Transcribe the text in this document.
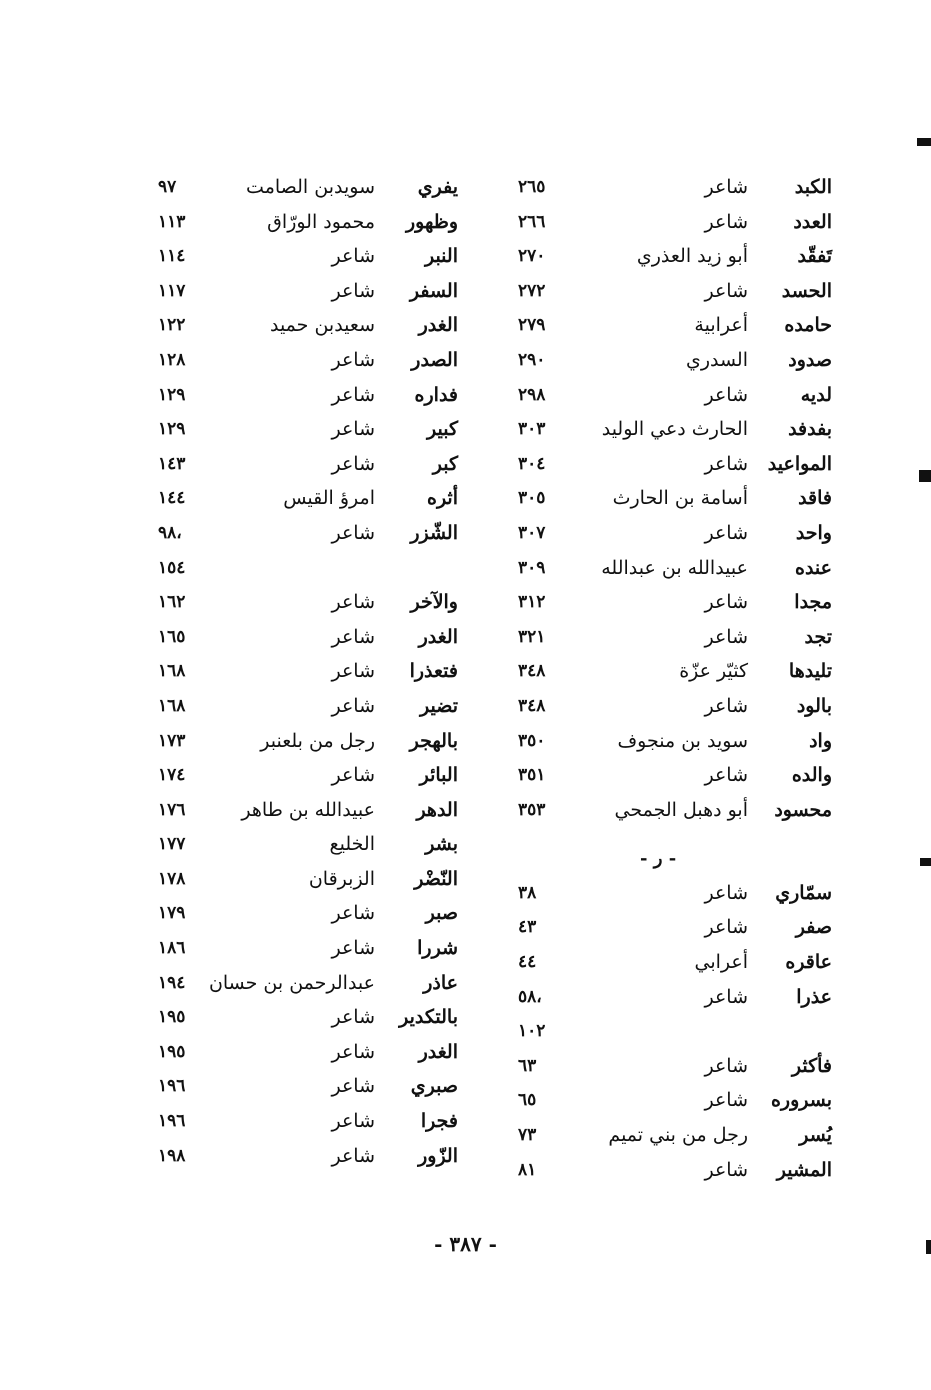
الكبد
شاعر
٢٦٥
العدد
شاعر
٢٦٦
تَفقّد
أبو زيد العذري
٢٧٠
الحسد
شاعر
٢٧٢
حامده
أعرابية
٢٧٩
صدود
السدري
٢٩٠
لديه
شاعر
٢٩٨
بفدفد
الحارث دعي الوليد
٣٠٣
المواعيد
شاعر
٣٠٤
فاقد
أسامة بن الحارث
٣٠٥
واحد
شاعر
٣٠٧
عنده
عبيدالله بن عبدالله
٣٠٩
مجدا
شاعر
٣١٢
تجد
شاعر
٣٢١
تليدها
كثيّر عزّة
٣٤٨
بالود
شاعر
٣٤٨
واد
سويد بن منجوف
٣٥٠
والده
شاعر
٣٥١
محسود
أبو دهبل الجمحي
٣٥٣
سمّاري
شاعر
٣٨
صفر
شاعر
٤٣
عاقره
أعرابي
٤٤
عذرا
شاعر
٥٨،
١٠٢
فأكثر
شاعر
٦٣
بسروره
شاعر
٦٥
يُسر
رجل من بني تميم
٧٣
المشير
شاعر
٨١
يفري
سويدبن الصامت
٩٧
وظهور
محمود الورّاق
١١٣
النبر
شاعر
١١٤
السفر
شاعر
١١٧
الغدر
سعيدبن حميد
١٢٢
الصدر
شاعر
١٢٨
فداره
شاعر
١٢٩
كبير
شاعر
١٢٩
كبر
شاعر
١٤٣
أثره
امرؤ القيس
١٤٤
الشّزر
شاعر
٩٨،
١٥٤
والآخر
شاعر
١٦٢
الغدر
شاعر
١٦٥
فتعذرا
شاعر
١٦٨
تضير
شاعر
١٦٨
بالهجر
رجل من بلعنبر
١٧٣
البائر
شاعر
١٧٤
الدهر
عبيدالله بن طاهر
١٧٦
بشر
الخليع
١٧٧
النّضْر
الزبرقان
١٧٨
صبر
شاعر
١٧٩
شررا
شاعر
١٨٦
عاذر
عبدالرحمن بن حسان
١٩٤
بالتكدير
شاعر
١٩٥
الغدر
شاعر
١٩٥
صبري
شاعر
١٩٦
فجرا
شاعر
١٩٦
الزّور
شاعر
١٩٨
- ر -
- ٣٨٧ -
